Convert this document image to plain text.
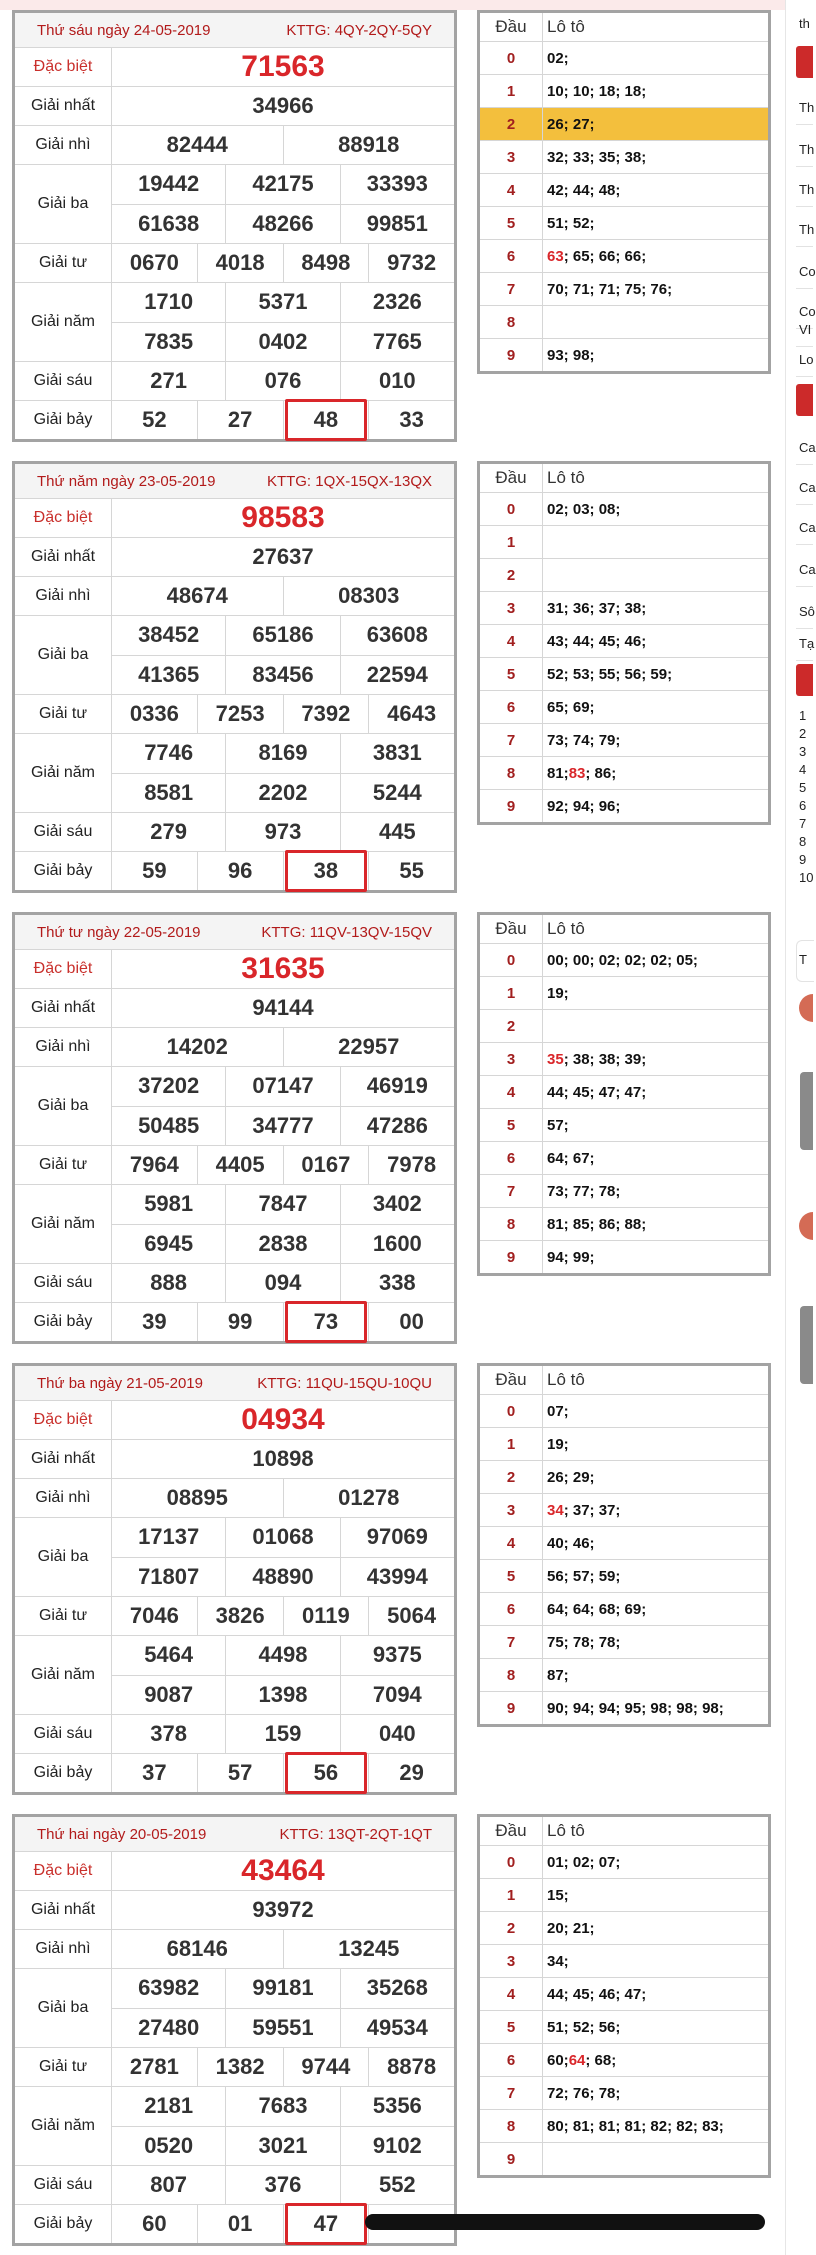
Thứ sáu ngày 24-05-2019	KTTG: 4QY-2QY-5QY
Đặc biệt	71563
Giải nhất	34966
Giải nhì	82444	88918
Giải ba
19442	42175	33393
61638	48266	99851
Giải tư	0670	4018	8498	9732
Giải năm
1710	5371	2326
7835	0402	7765
Giải sáu	271	076	010
Giải bảy	52	27	48	33
Đầu	Lô tô
0	02;
1	10; 10; 18; 18;
2	26; 27;
3	32; 33; 35; 38;
4	42; 44; 48;
5	51; 52;
6	63 ; 65; 66; 66;
7	70; 71; 71; 75; 76;
8
9	93; 98;
Thứ năm ngày 23-05-2019	KTTG: 1QX-15QX-13QX
Đặc biệt	98583
Giải nhất	27637
Giải nhì	48674	08303
Giải ba
38452	65186	63608
41365	83456	22594
Giải tư	0336	7253	7392	4643
Giải năm
7746	8169	3831
8581	2202	5244
Giải sáu	279	973	445
Giải bảy	59	96	38	55
Đầu	Lô tô
0	02; 03; 08;
1
2
3	31; 36; 37; 38;
4	43; 44; 45; 46;
5	52; 53; 55; 56; 59;
6	65; 69;
7	73; 74; 79;
8	81; 83 ; 86;
9	92; 94; 96;
Thứ tư ngày 22-05-2019	KTTG: 11QV-13QV-15QV
Đặc biệt	31635
Giải nhất	94144
Giải nhì	14202	22957
Giải ba
37202	07147	46919
50485	34777	47286
Giải tư	7964	4405	0167	7978
Giải năm
5981	7847	3402
6945	2838	1600
Giải sáu	888	094	338
Giải bảy	39	99	73	00
Đầu	Lô tô
0	00; 00; 02; 02; 02; 05;
1	19;
2
3	35 ; 38; 38; 39;
4	44; 45; 47; 47;
5	57;
6	64; 67;
7	73; 77; 78;
8	81; 85; 86; 88;
9	94; 99;
Thứ ba ngày 21-05-2019	KTTG: 11QU-15QU-10QU
Đặc biệt	04934
Giải nhất	10898
Giải nhì	08895	01278
Giải ba
17137	01068	97069
71807	48890	43994
Giải tư	7046	3826	0119	5064
Giải năm
5464	4498	9375
9087	1398	7094
Giải sáu	378	159	040
Giải bảy	37	57	56	29
Đầu	Lô tô
0	07;
1	19;
2	26; 29;
3	34 ; 37; 37;
4	40; 46;
5	56; 57; 59;
6	64; 64; 68; 69;
7	75; 78; 78;
8	87;
9	90; 94; 94; 95; 98; 98; 98;
Thứ hai ngày 20-05-2019	KTTG: 13QT-2QT-1QT
Đặc biệt	43464
Giải nhất	93972
Giải nhì	68146	13245
Giải ba
63982	99181	35268
27480	59551	49534
Giải tư	2781	1382	9744	8878
Giải năm
2181	7683	5356
0520	3021	9102
Giải sáu	807	376	552
Giải bảy	60	01	47
Đầu	Lô tô
0	01; 02; 07;
1	15;
2	20; 21;
3	34;
4	44; 45; 46; 47;
5	51; 52; 56;
6	60; 64 ; 68;
7	72; 76; 78;
8	80; 81; 81; 81; 82; 82; 83;
9
th
Th
Th
Th
Th
Co
Co
VI
Lo
Ca
Ca
Ca
Ca
Sô
Tạ
1
2
3
4
5
6
7
8
9
10
T
